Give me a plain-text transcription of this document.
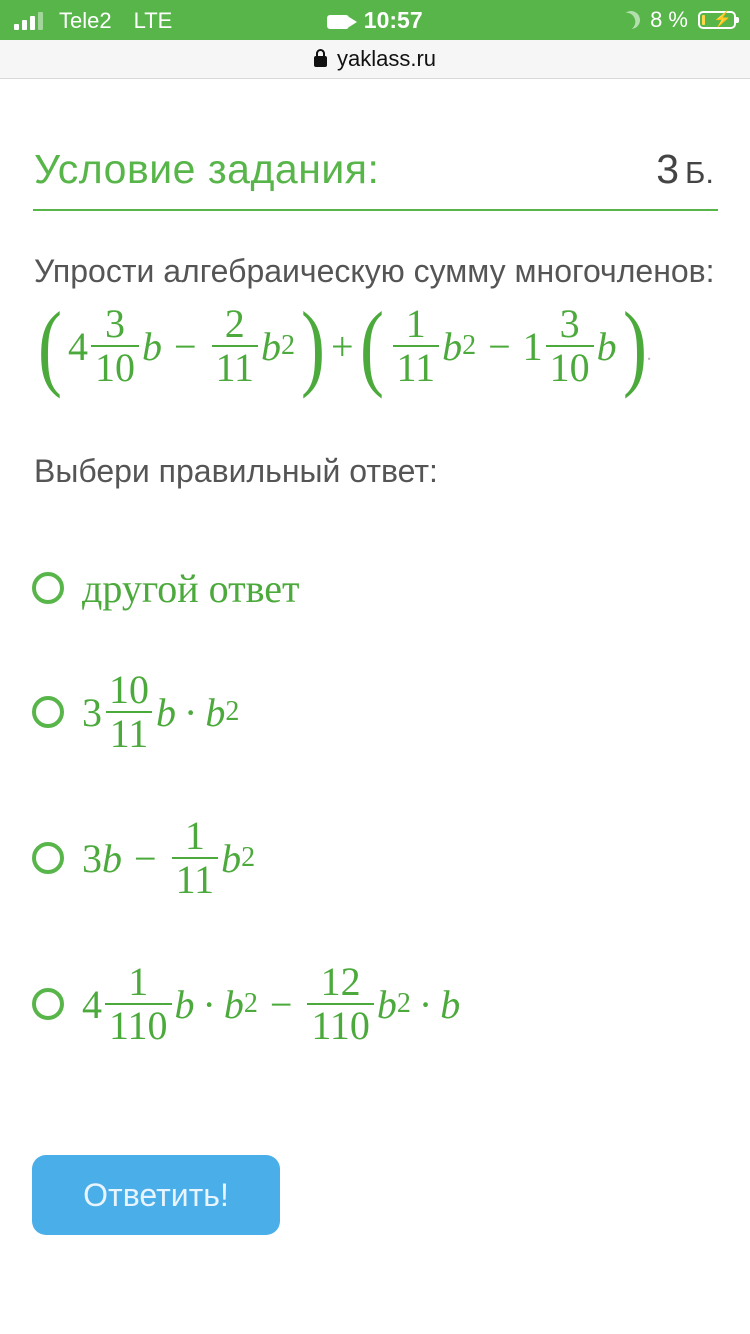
Tele2 LTE	10:57	8 % ⚡
yaklass.ru
Условие задания:	3 Б.
Упрости алгебраическую сумму многочленов:
( $4 \frac{3}{10}$ $b - \frac{2}{11}$ b 2 ) + ( $\frac{1}{11}$ b $2 - 1 \frac{3}{10}$ b ) .
Выбери правильный ответ:
другой ответ
$3 \frac{10}{11}$ b · b 2
3 $b - \frac{1}{11}$ b 2
$4 \frac{1}{110}$ b · b $2 - \frac{12}{110}$ b 2 · b
Ответить!
